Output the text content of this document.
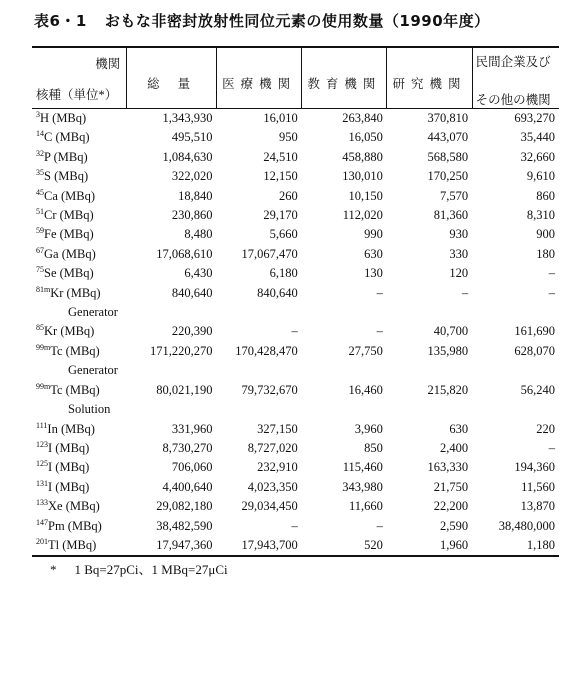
表6・1 おもな非密封放射性同位元素の使用数量（1990年度）
機関
核種（単位*）	総量	医療機関	教育機関	研究機関	民間企業及び
その他の機関

$^3$H (MBq)	1,343,930	16,010	263,840	370,810	693,270
$^{14}$C (MBq)	495,510	950	16,050	443,070	35,440
$^{32}$P (MBq)	1,084,630	24,510	458,880	568,580	32,660
$^{35}$S (MBq)	322,020	12,150	130,010	170,250	9,610
$^{45}$Ca (MBq)	18,840	260	10,150	7,570	860
$^{51}$Cr (MBq)	230,860	29,170	112,020	81,360	8,310
$^{59}$Fe (MBq)	8,480	5,660	990	930	900
$^{67}$Ga (MBq)	17,068,610	17,067,470	630	330	180
$^{75}$Se (MBq)	6,430	6,180	130	120	–
$^{81m}$Kr (MBq)	840,640	840,640	–	–	–
Generator					
$^{85}$Kr (MBq)	220,390	–	–	40,700	161,690
$^{99m}$Tc (MBq)	171,220,270	170,428,470	27,750	135,980	628,070
Generator					
$^{99m}$Tc (MBq)	80,021,190	79,732,670	16,460	215,820	56,240
Solution					
$^{111}$In (MBq)	331,960	327,150	3,960	630	220
$^{123}$I (MBq)	8,730,270	8,727,020	850	2,400	–
$^{125}$I (MBq)	706,060	232,910	115,460	163,330	194,360
$^{131}$I (MBq)	4,400,640	4,023,350	343,980	21,750	11,560
$^{133}$Xe (MBq)	29,082,180	29,034,450	11,660	22,200	13,870
$^{147}$Pm (MBq)	38,482,590	–	–	2,590	38,480,000
$^{201}$Tl (MBq)	17,947,360	17,943,700	520	1,960	1,180
* 1 Bq=27pCi、1 MBq=27μCi
